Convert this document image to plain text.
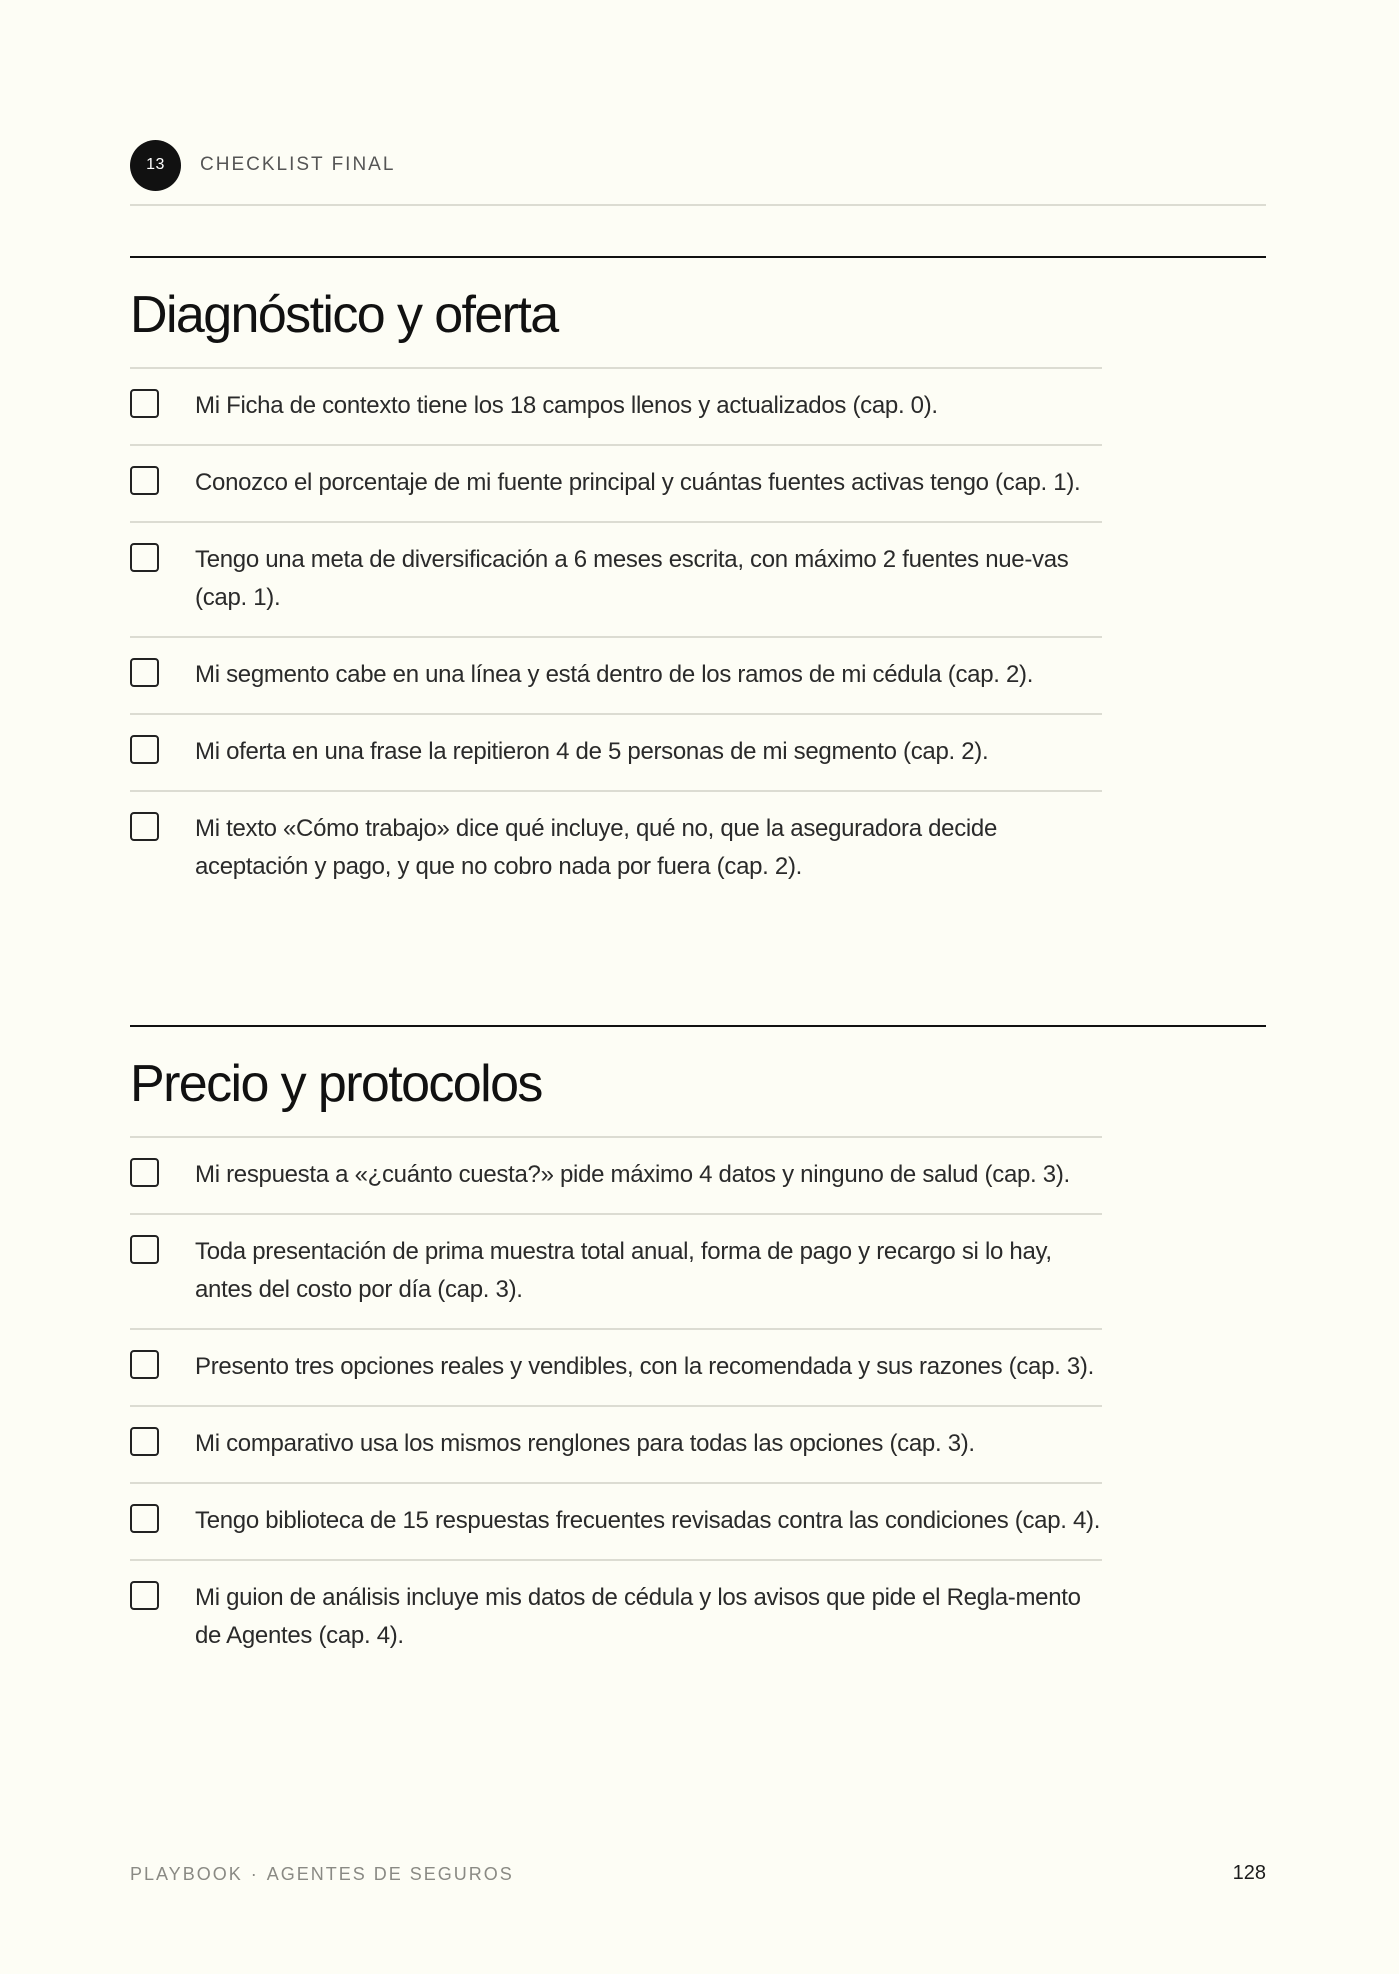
13	CHECKLIST FINAL
Diagnóstico y oferta
Mi Ficha de contexto tiene los 18 campos llenos y actualizados (cap. 0).
Conozco el porcentaje de mi fuente principal y cuántas fuentes activas tengo (cap. 1).
Tengo una meta de diversificación a 6 meses escrita, con máximo 2 fuentes nue-vas (cap. 1).
Mi segmento cabe en una línea y está dentro de los ramos de mi cédula (cap. 2).
Mi oferta en una frase la repitieron 4 de 5 personas de mi segmento (cap. 2).
Mi texto «Cómo trabajo» dice qué incluye, qué no, que la aseguradora decide aceptación y pago, y que no cobro nada por fuera (cap. 2).
Precio y protocolos
Mi respuesta a «¿cuánto cuesta?» pide máximo 4 datos y ninguno de salud (cap. 3).
Toda presentación de prima muestra total anual, forma de pago y recargo si lo hay, antes del costo por día (cap. 3).
Presento tres opciones reales y vendibles, con la recomendada y sus razones (cap. 3).
Mi comparativo usa los mismos renglones para todas las opciones (cap. 3).
Tengo biblioteca de 15 respuestas frecuentes revisadas contra las condiciones (cap. 4).
Mi guion de análisis incluye mis datos de cédula y los avisos que pide el Regla-mento de Agentes (cap. 4).
PLAYBOOK · AGENTES DE SEGUROS	128
